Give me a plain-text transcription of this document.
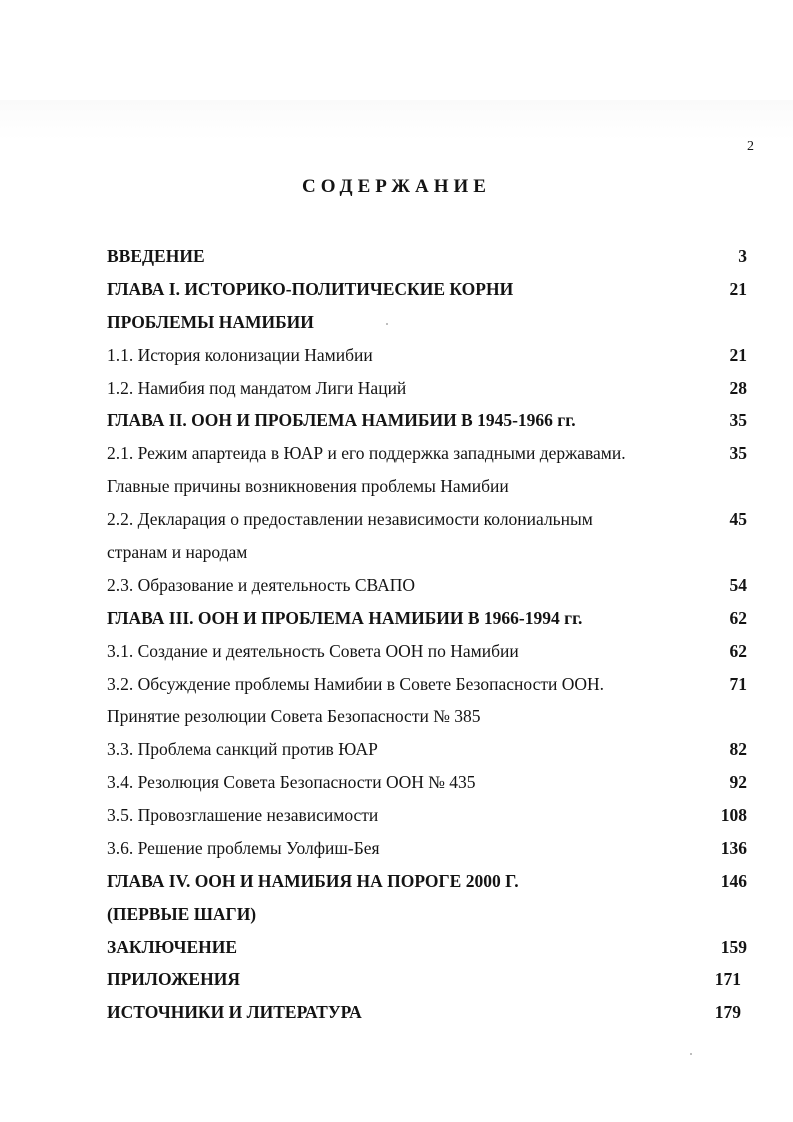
2
СОДЕРЖАНИЕ
ВВЕДЕНИЕ	3
ГЛАВА I. ИСТОРИКО-ПОЛИТИЧЕСКИЕ КОРНИ	21
ПРОБЛЕМЫ НАМИБИИ
1.1. История колонизации Намибии	21
1.2. Намибия под мандатом Лиги Наций	28
ГЛАВА II. ООН И ПРОБЛЕМА НАМИБИИ В 1945-1966 гг.	35
2.1. Режим апартеида в ЮАР и его поддержка западными державами.	35
Главные причины возникновения проблемы Намибии
2.2. Декларация о предоставлении независимости колониальным	45
странам и народам
2.3. Образование и деятельность СВАПО	54
ГЛАВА III. ООН И ПРОБЛЕМА НАМИБИИ В 1966-1994 гг.	62
3.1. Создание и деятельность Совета ООН по Намибии	62
3.2. Обсуждение проблемы Намибии в Совете Безопасности ООН.	71
Принятие резолюции Совета Безопасности № 385
3.3. Проблема санкций против ЮАР	82
3.4. Резолюция Совета Безопасности ООН № 435	92
3.5. Провозглашение независимости	108
3.6. Решение проблемы Уолфиш-Бея	136
ГЛАВА IV. ООН И НАМИБИЯ НА ПОРОГЕ 2000 Г.	146
(ПЕРВЫЕ ШАГИ)
ЗАКЛЮЧЕНИЕ	159
ПРИЛОЖЕНИЯ	171
ИСТОЧНИКИ И ЛИТЕРАТУРА	179
